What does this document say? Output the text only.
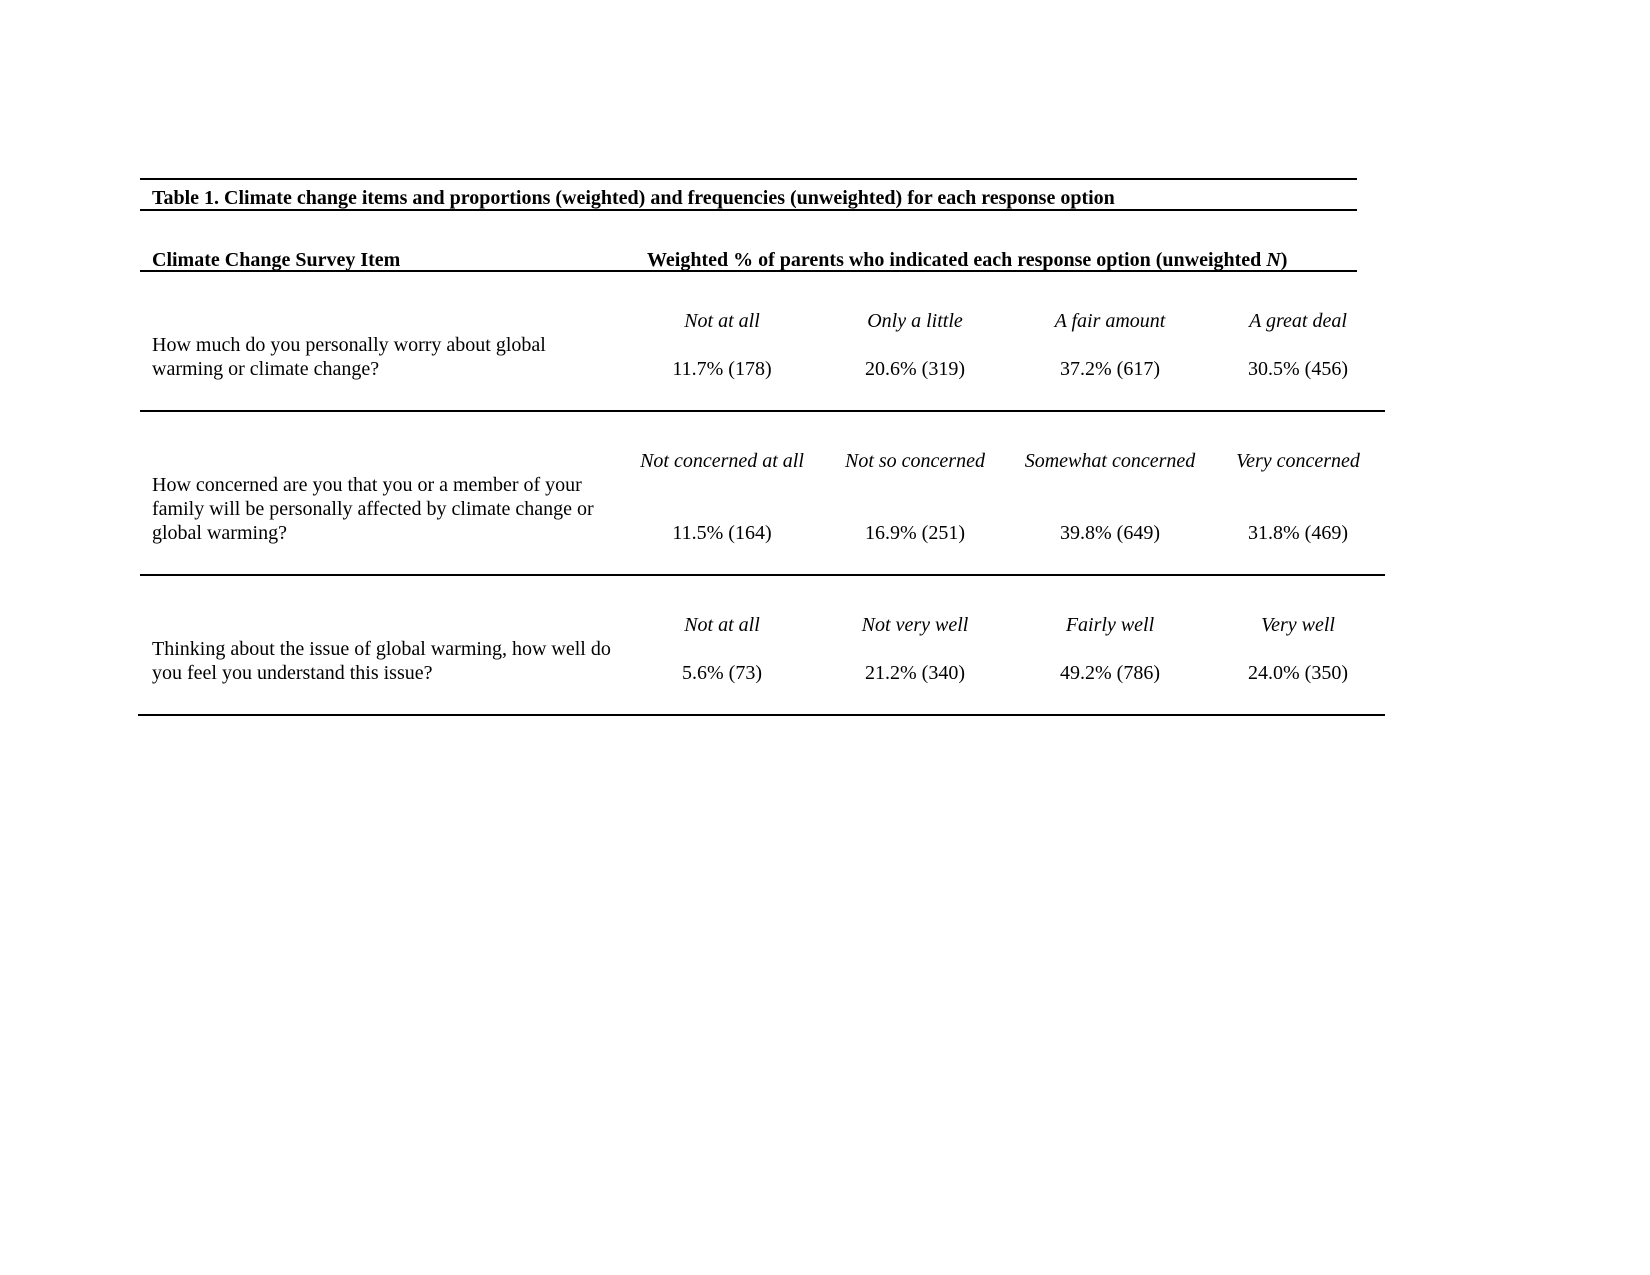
Table 1. Climate change items and proportions (weighted) and frequencies (unweighted) for each response option
Climate Change Survey Item	Weighted % of parents who indicated each response option (unweighted N)
How much do you personally worry about global warming or climate change?
Not at all	Only a little	A fair amount	A great deal
11.7% (178)	20.6% (319)	37.2% (617)	30.5% (456)
How concerned are you that you or a member of your family will be personally affected by climate change or global warming?
Not concerned at all	Not so concerned	Somewhat concerned	Very concerned
11.5% (164)	16.9% (251)	39.8% (649)	31.8% (469)
Thinking about the issue of global warming, how well do you feel you understand this issue?
Not at all	Not very well	Fairly well	Very well
5.6% (73)	21.2% (340)	49.2% (786)	24.0% (350)
